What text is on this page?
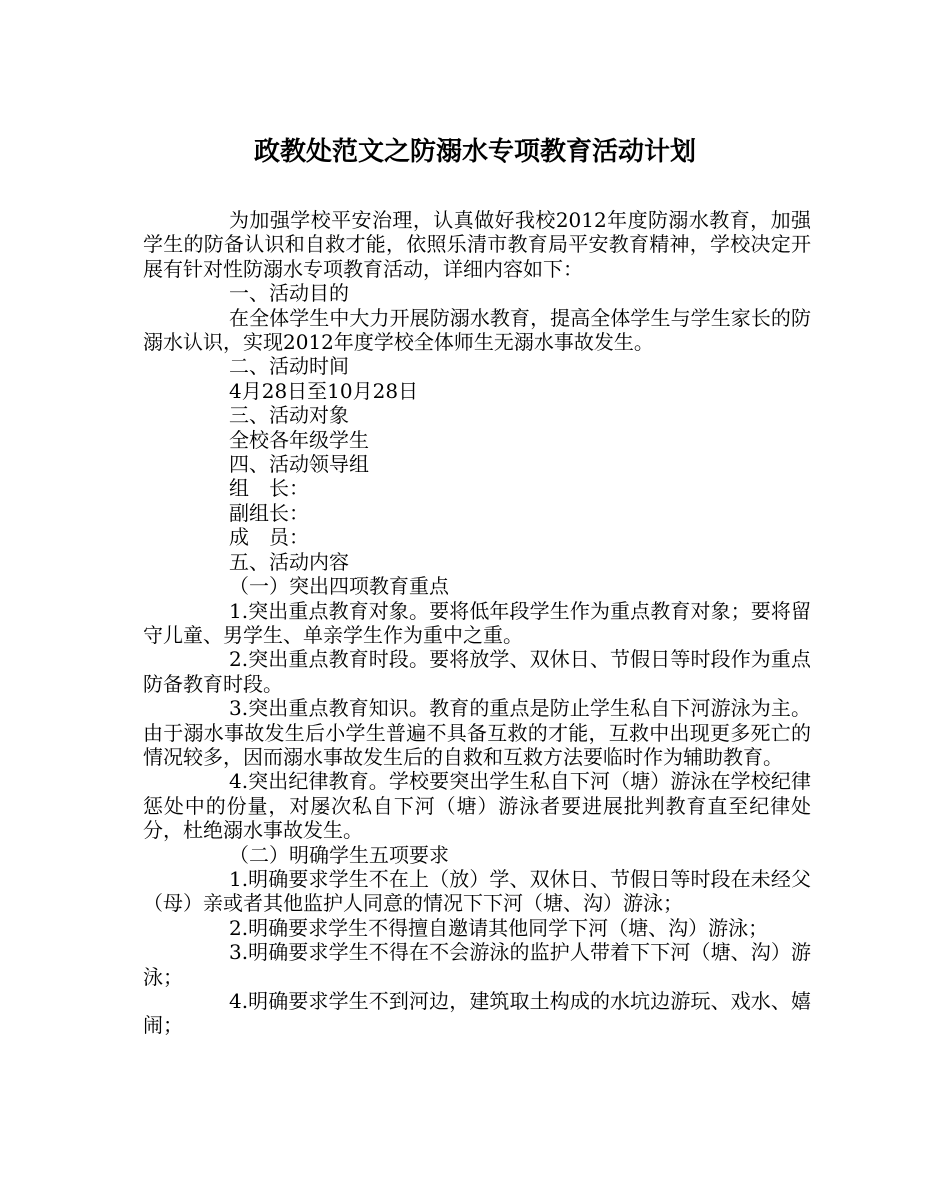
政教处范文之防溺水专项教育活动计划

为加强学校平安治理，认真做好我校2012年度防溺水教育，加强学生的防备认识和自救才能，依照乐清市教育局平安教育精神，学校决定开展有针对性防溺水专项教育活动，详细内容如下：

一、活动目的

在全体学生中大力开展防溺水教育，提高全体学生与学生家长的防溺水认识，实现2012年度学校全体师生无溺水事故发生。

二、活动时间

4月28日至10月28日

三、活动对象

全校各年级学生

四、活动领导组

组　长：

副组长：

成　员：

五、活动内容

（一）突出四项教育重点

1.突出重点教育对象。要将低年段学生作为重点教育对象；要将留守儿童、男学生、单亲学生作为重中之重。

2.突出重点教育时段。要将放学、双休日、节假日等时段作为重点防备教育时段。

3.突出重点教育知识。教育的重点是防止学生私自下河游泳为主。由于溺水事故发生后小学生普遍不具备互救的才能，互救中出现更多死亡的情况较多，因而溺水事故发生后的自救和互救方法要临时作为辅助教育。

4.突出纪律教育。学校要突出学生私自下河（塘）游泳在学校纪律惩处中的份量，对屡次私自下河（塘）游泳者要进展批判教育直至纪律处分，杜绝溺水事故发生。

（二）明确学生五项要求

1.明确要求学生不在上（放）学、双休日、节假日等时段在未经父（母）亲或者其他监护人同意的情况下下河（塘、沟）游泳；

2.明确要求学生不得擅自邀请其他同学下河（塘、沟）游泳；

3.明确要求学生不得在不会游泳的监护人带着下下河（塘、沟）游泳；

4.明确要求学生不到河边，建筑取土构成的水坑边游玩、戏水、嬉闹；
